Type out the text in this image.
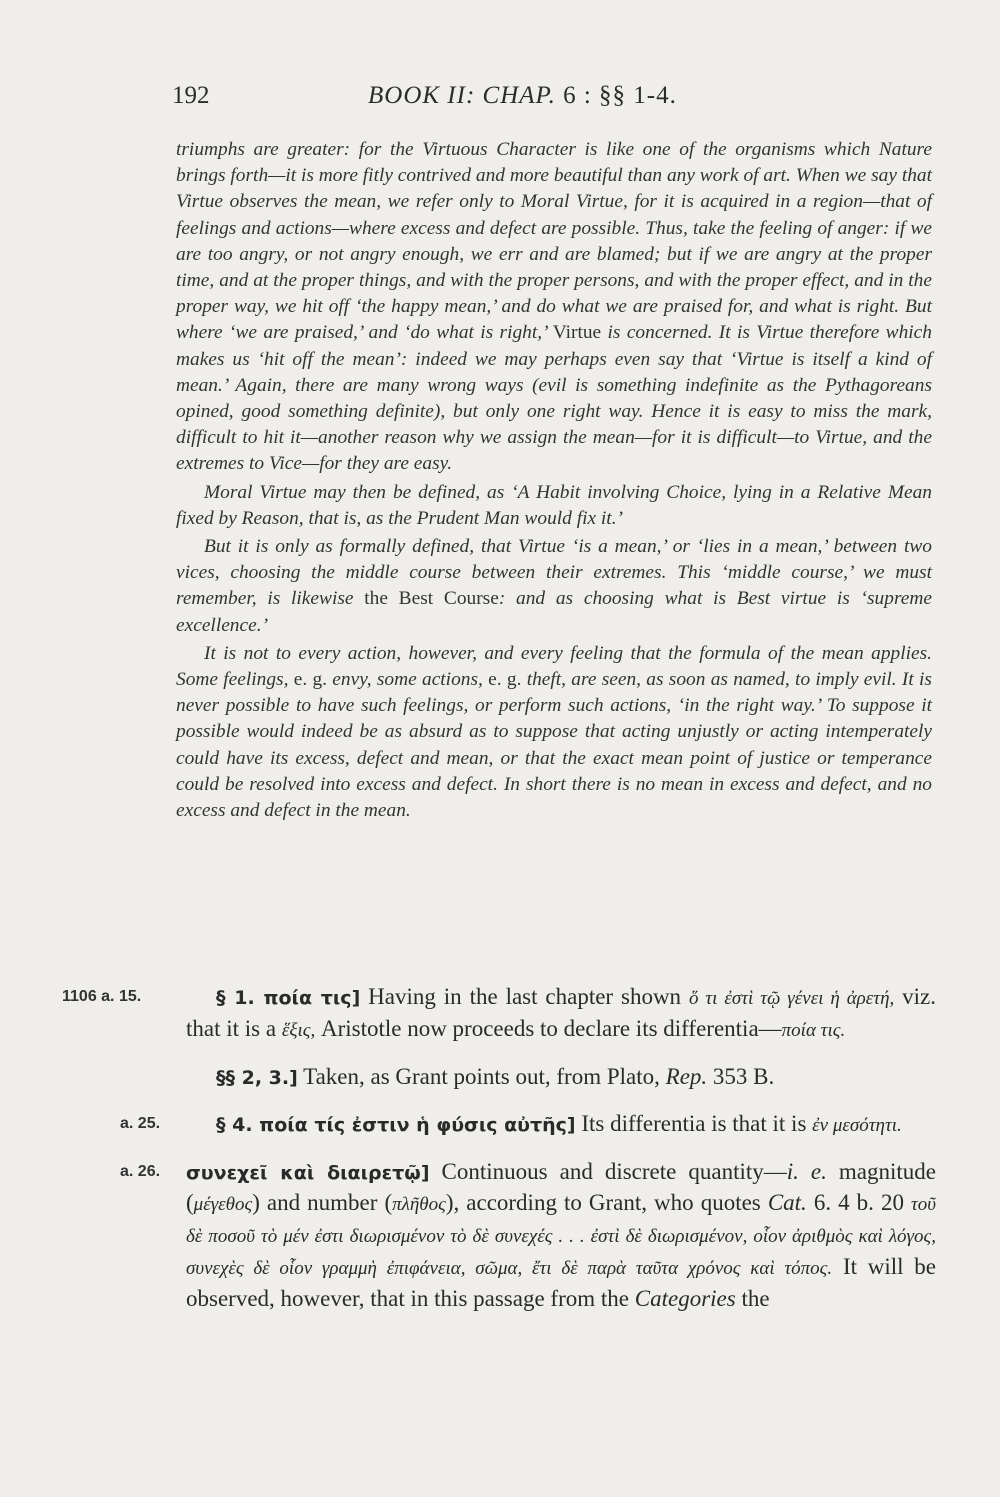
192	BOOK II: CHAP. 6 : §§ 1-4.

triumphs are greater: for the Virtuous Character is like one of the organisms which Nature brings forth—it is more fitly contrived and more beautiful than any work of art. When we say that Virtue observes the mean, we refer only to Moral Virtue, for it is acquired in a region—that of feelings and actions—where excess and defect are possible. Thus, take the feeling of anger: if we are too angry, or not angry enough, we err and are blamed; but if we are angry at the proper time, and at the proper things, and with the proper persons, and with the proper effect, and in the proper way, we hit off ‘the happy mean,’ and do what we are praised for, and what is right. But where ‘we are praised,’ and ‘do what is right,’ Virtue is concerned. It is Virtue therefore which makes us ‘hit off the mean’: indeed we may perhaps even say that ‘Virtue is itself a kind of mean.’ Again, there are many wrong ways (evil is something indefinite as the Pythagoreans opined, good something definite), but only one right way. Hence it is easy to miss the mark, difficult to hit it—another reason why we assign the mean—for it is difficult—to Virtue, and the extremes to Vice—for they are easy.

Moral Virtue may then be defined, as ‘A Habit involving Choice, lying in a Relative Mean fixed by Reason, that is, as the Prudent Man would fix it.’

But it is only as formally defined, that Virtue ‘is a mean,’ or ‘lies in a mean,’ between two vices, choosing the middle course between their extremes. This ‘middle course,’ we must remember, is likewise the Best Course: and as choosing what is Best virtue is ‘supreme excellence.’

It is not to every action, however, and every feeling that the formula of the mean applies. Some feelings, e. g. envy, some actions, e. g. theft, are seen, as soon as named, to imply evil. It is never possible to have such feelings, or perform such actions, ‘in the right way.’ To suppose it possible would indeed be as absurd as to suppose that acting unjustly or acting intemperately could have its excess, defect and mean, or that the exact mean point of justice or temperance could be resolved into excess and defect. In short there is no mean in excess and defect, and no excess and defect in the mean.

1106 a. 15.	§ 1. ποία τις] Having in the last chapter shown ὅ τι ἐστὶ τῷ γένει ἡ ἀρετή, viz. that it is a ἕξις, Aristotle now proceeds to declare its differentia—ποία τις.
§§ 2, 3.] Taken, as Grant points out, from Plato, Rep. 353 B.
a. 25.	§ 4. ποία τίς ἐστιν ἡ φύσις αὐτῆς] Its differentia is that it is ἐν μεσότητι.
a. 26. συνεχεῖ καὶ διαιρετῷ] Continuous and discrete quantity—i. e. magnitude (μέγεθος) and number (πλῆθος), according to Grant, who quotes Cat. 6. 4 b. 20 τοῦ δὲ ποσοῦ τὸ μέν ἐστι διωρισμένον τὸ δὲ συνεχές . . . ἐστὶ δὲ διωρισμένον, οἷον ἀριθμὸς καὶ λόγος, συνεχὲς δὲ οἷον γραμμὴ ἐπιφάνεια, σῶμα, ἔτι δὲ παρὰ ταῦτα χρόνος καὶ τόπος. It will be observed, however, that in this passage from the Categories the
